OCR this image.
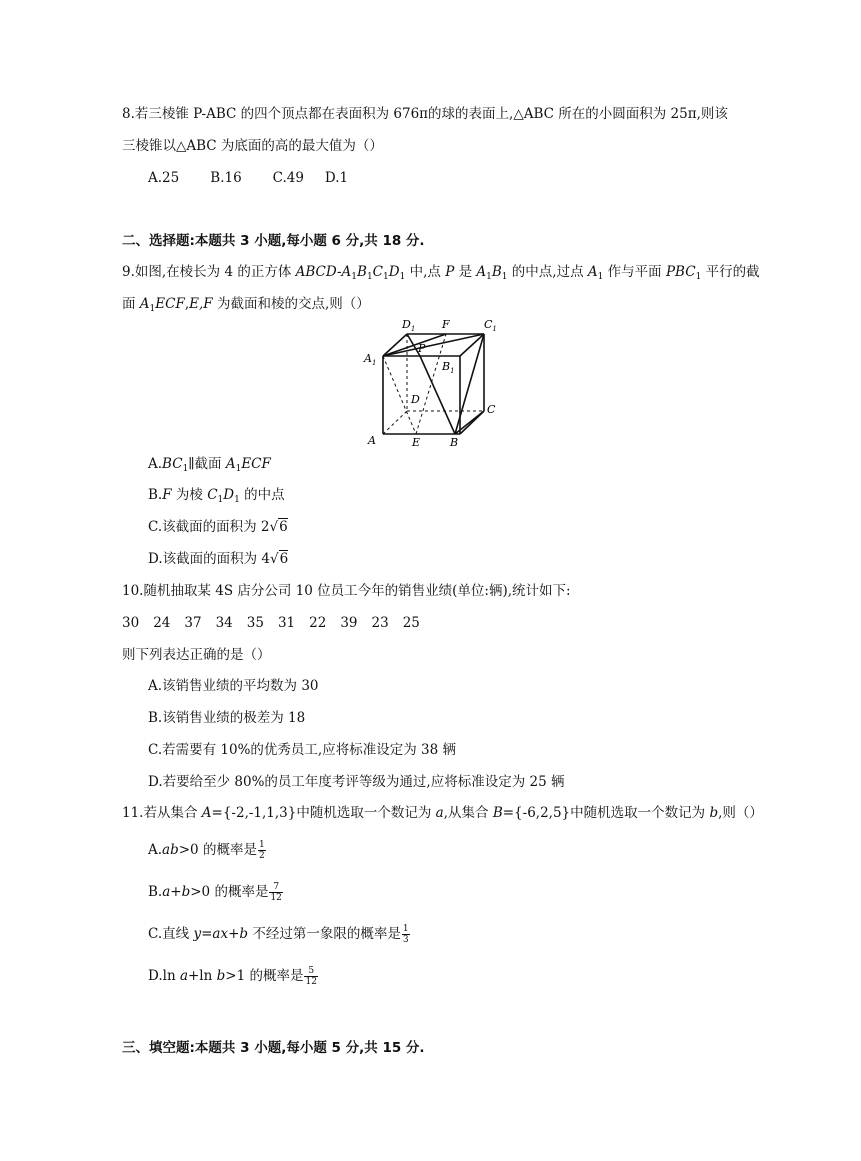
8.若三棱锥 P-ABC 的四个顶点都在表面积为 676π的球的表面上,△ABC 所在的小圆面积为 25π,则该
三棱锥以△ABC 为底面的高的最大值为（）
A.25 B.16 C.49 D.1
二、选择题:本题共 3 小题,每小题 6 分,共 18 分.
9.如图,在棱长为 4 的正方体 ABCD-$A_1B_1C_1D_1$ 中,点 P 是 $A_1B_1$ 的中点,过点 $A_1$ 作与平面 $PBC_1$ 平行的截
面 $A_1ECF,E,F$ 为截面和棱的交点,则（）
$D_1$ F	$C_1$
$A_1$
P
$B_1$
D
C
A	E	B
$A.BC_1\parallel$截面 $A_1ECF$
B.F 为棱 $C_1D_1$ 的中点
C.该截面的面积为 2√6
D.该截面的面积为 4√6
10.随机抽取某 4S 店分公司 10 位员工今年的销售业绩(单位:辆),统计如下:
30 24 37 34 35 31 22 39 23 25
则下列表达正确的是（）
A.该销售业绩的平均数为 30
B.该销售业绩的极差为 18
C.若需要有 10%的优秀员工,应将标准设定为 38 辆
D.若要给至少 80%的员工年度考评等级为通过,应将标准设定为 25 辆
11.若从集合 A={-2,-1,1,3}中随机选取一个数记为 a,从集合 B={-6,2,5}中随机选取一个数记为 b,则（）
A.ab>0 的概率是 $\frac{1}{2}$
B.a+b>0 的概率是 $\frac{7}{12}$
C.直线 y=ax+b 不经过第一象限的概率是 $\frac{1}{3}$
D.ln a+ln b>1 的概率是 $\frac{5}{12}$
三、填空题:本题共 3 小题,每小题 5 分,共 15 分.
